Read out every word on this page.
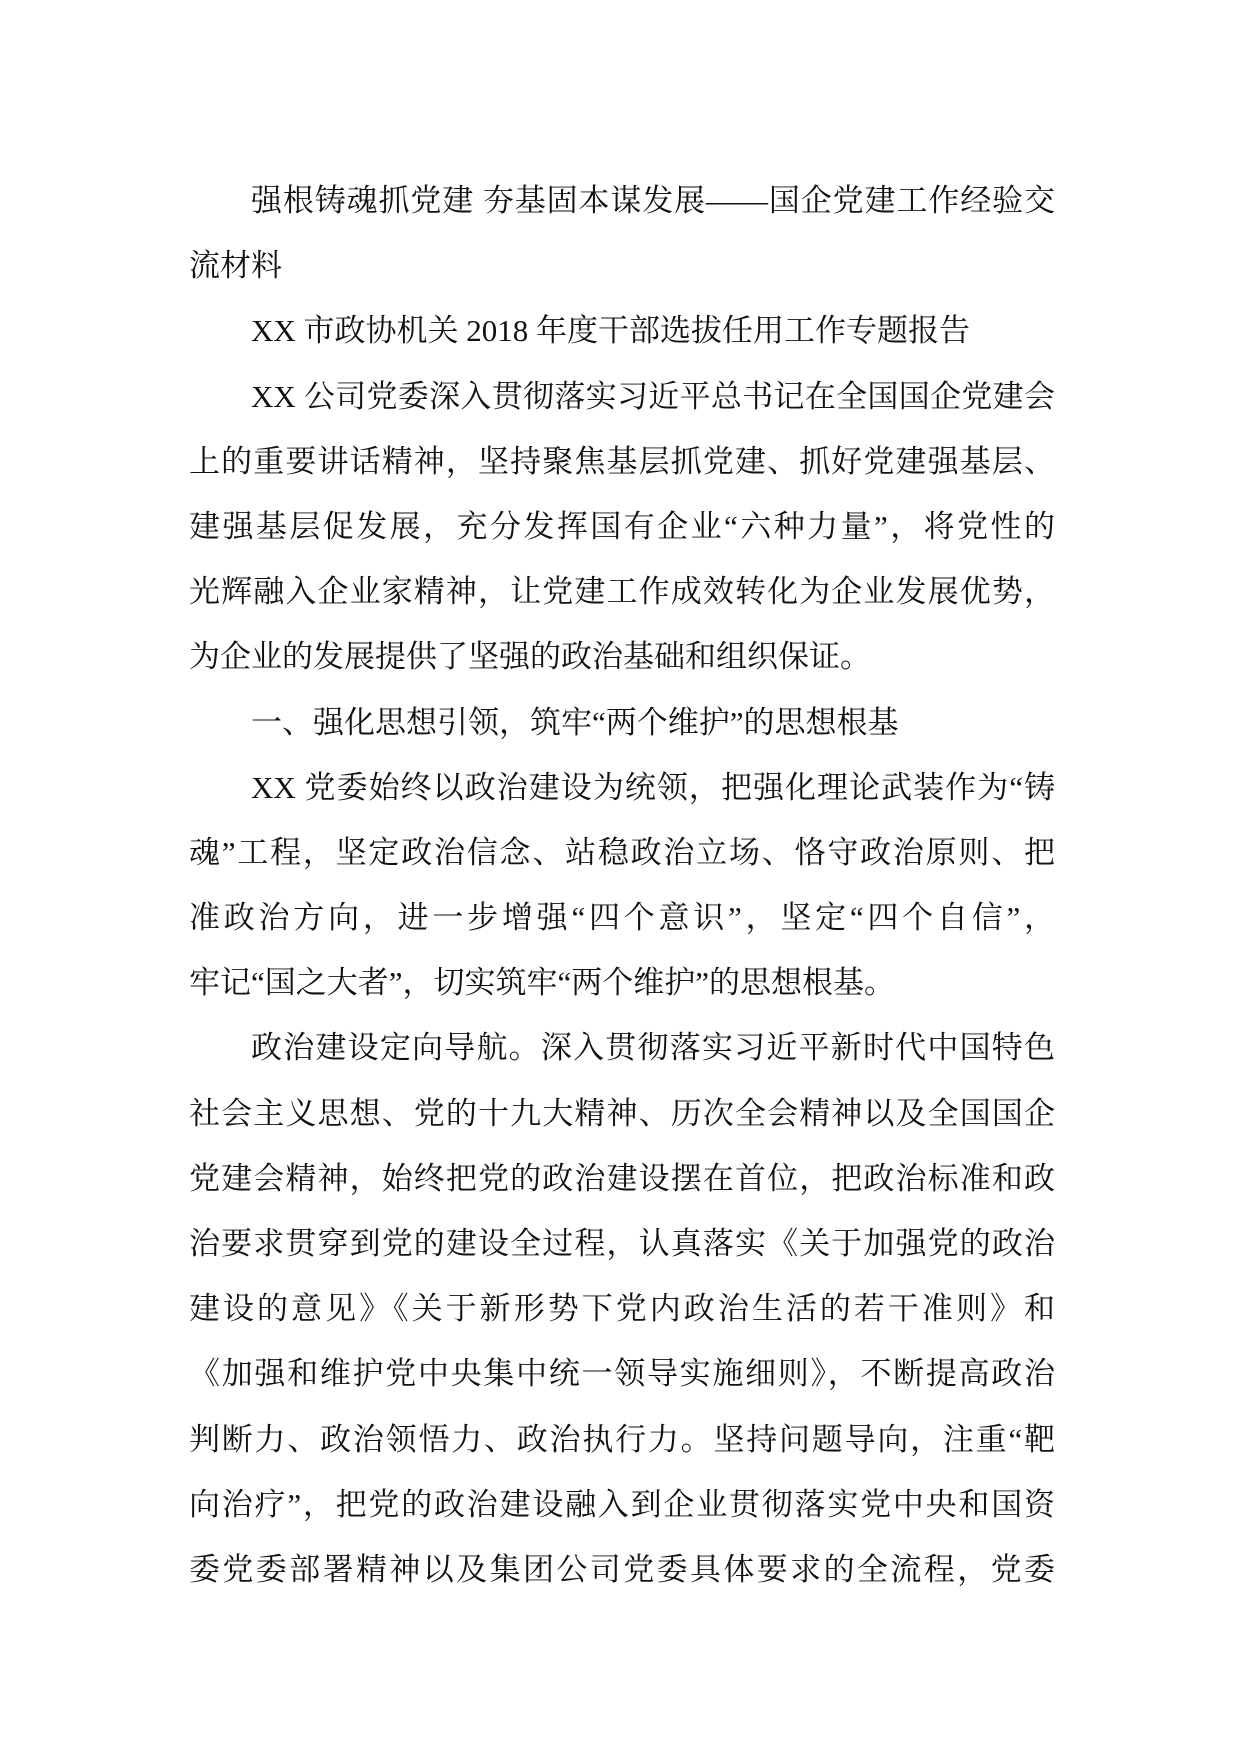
强根铸魂抓党建 夯基固本谋发展——国企党建工作经验交
流材料
XX 市政协机关 2018 年度干部选拔任用工作专题报告
XX 公司党委深入贯彻落实习近平总书记在全国国企党建会
上的重要讲话精神，坚持聚焦基层抓党建、抓好党建强基层、
建强基层促发展，充分发挥国有企业“六种力量”，将党性的
光辉融入企业家精神，让党建工作成效转化为企业发展优势，
为企业的发展提供了坚强的政治基础和组织保证。
一、强化思想引领，筑牢“两个维护”的思想根基
XX 党委始终以政治建设为统领，把强化理论武装作为“铸
魂”工程，坚定政治信念、站稳政治立场、恪守政治原则、把
准政治方向，进一步增强“四个意识”，坚定“四个自信”，
牢记“国之大者”，切实筑牢“两个维护”的思想根基。
政治建设定向导航。深入贯彻落实习近平新时代中国特色
社会主义思想、党的十九大精神、历次全会精神以及全国国企
党建会精神，始终把党的政治建设摆在首位，把政治标准和政
治要求贯穿到党的建设全过程，认真落实《关于加强党的政治
建设的意见》《关于新形势下党内政治生活的若干准则》和
《加强和维护党中央集中统一领导实施细则》，不断提高政治
判断力、政治领悟力、政治执行力。坚持问题导向，注重“靶
向治疗”，把党的政治建设融入到企业贯彻落实党中央和国资
委党委部署精神以及集团公司党委具体要求的全流程，党委
